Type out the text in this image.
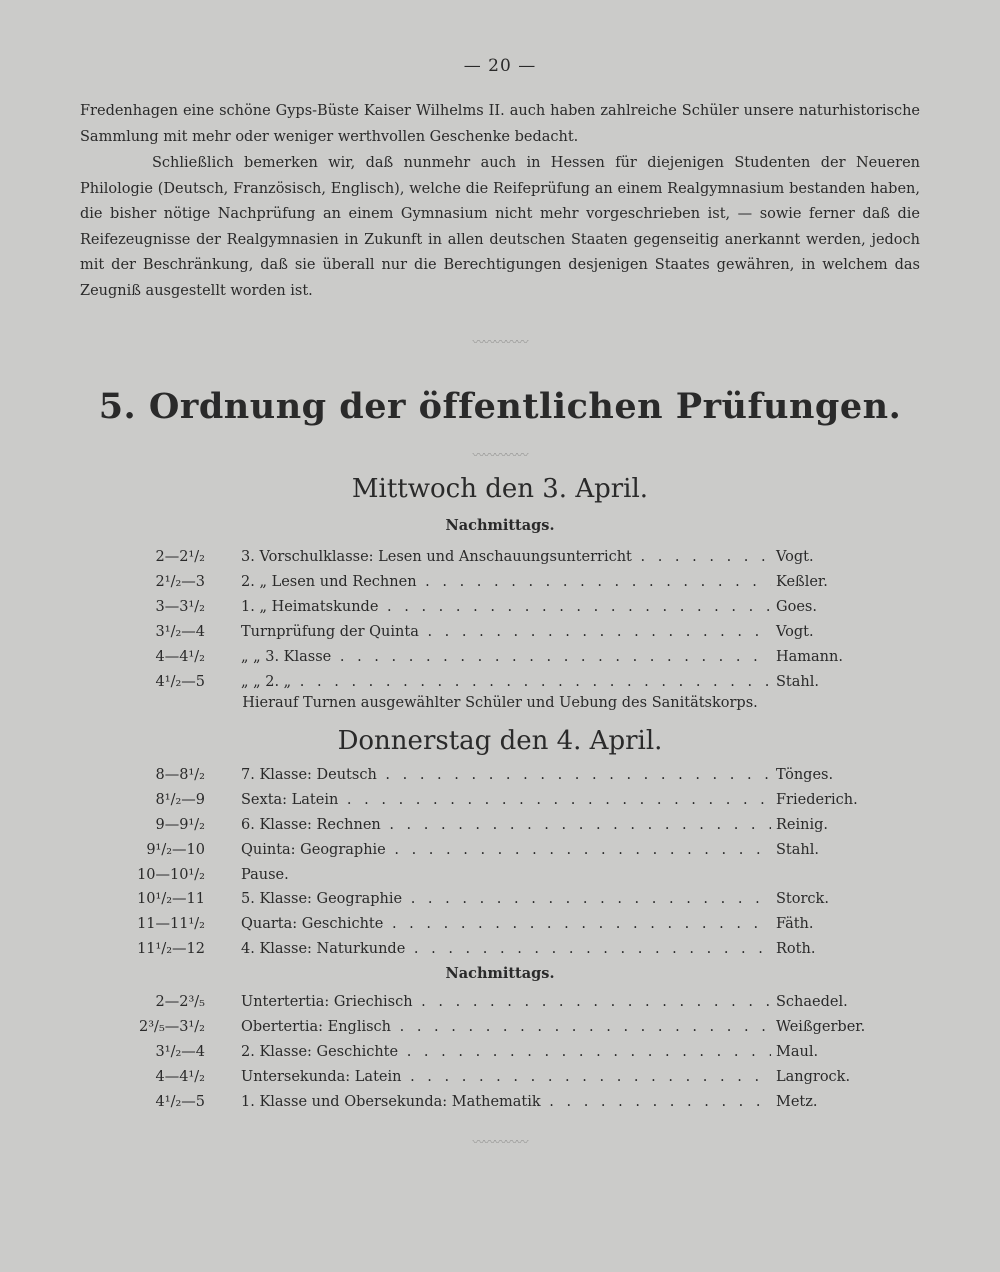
— 20 —
Fredenhagen eine schöne Gyps-Büste Kaiser Wilhelms II. auch haben zahlreiche Schüler unsere naturhistorische Sammlung mit mehr oder weniger werthvollen Geschenke bedacht.
Schließlich bemerken wir, daß nunmehr auch in Hessen für diejenigen Studenten der Neueren Philologie (Deutsch, Französisch, Englisch), welche die Reifeprüfung an einem Realgymnasium bestanden haben, die bisher nötige Nachprüfung an einem Gymnasium nicht mehr vorgeschrieben ist, — sowie ferner daß die Reifezeugnisse der Realgymnasien in Zukunft in allen deutschen Staaten gegenseitig anerkannt werden, jedoch mit der Beschränkung, daß sie überall nur die Berechtigungen desjenigen Staates gewähren, in welchem das Zeugniß ausgestellt worden ist.
〰〰〰〰〰
5. Ordnung der öffentlichen Prüfungen.
〰〰〰〰〰
Mittwoch den 3. April.
Nachmittags.
2—2¹/₂ 3. Vorschulklasse: Lesen und Anschauungsunterricht . . .	Vogt.
2¹/₂—3 2. „ Lesen und Rechnen . . .	Keßler.
3—3¹/₂ 1. „ Heimatskunde . . .	Goes.
3¹/₂—4 Turnprüfung der Quinta . . .	Vogt.
4—4¹/₂ „ „ 3. Klasse . . .	Hamann.
4¹/₂—5 „ „ 2. „ . . .	Stahl.
Hierauf Turnen ausgewählter Schüler und Uebung des Sanitätskorps.
Donnerstag den 4. April.
8—8¹/₂ 7. Klasse: Deutsch . . .	Tönges.
8¹/₂—9 Sexta: Latein . . .	Friederich.
9—9¹/₂ 6. Klasse: Rechnen . . .	Reinig.
9¹/₂—10 Quinta: Geographie . . .	Stahl.
10—10¹/₂ Pause.
10¹/₂—11 5. Klasse: Geographie . . .	Storck.
11—11¹/₂ Quarta: Geschichte . . .	Fäth.
11¹/₂—12 4. Klasse: Naturkunde . . .	Roth.
Nachmittags.
2—2³/₅ Untertertia: Griechisch . . .	Schaedel.
2³/₅—3¹/₂ Obertertia: Englisch . . .	Weißgerber.
3¹/₂—4 2. Klasse: Geschichte . . .	Maul.
4—4¹/₂ Untersekunda: Latein . . .	Langrock.
4¹/₂—5 1. Klasse und Obersekunda: Mathematik . . .	Metz.
〰〰〰〰〰
